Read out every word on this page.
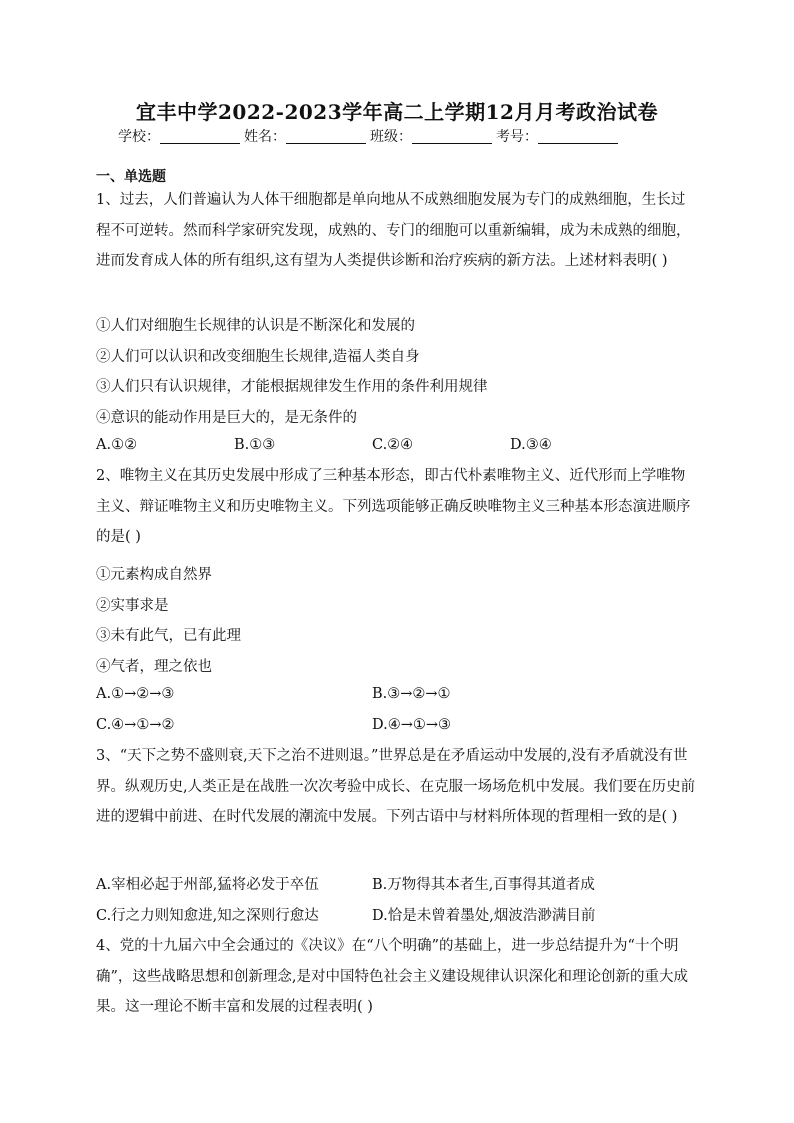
宜丰中学2022-2023学年高二上学期12月月考政治试卷
学校：	姓名：	班级：	考号：
一、单选题
1、过去，人们普遍认为人体干细胞都是单向地从不成熟细胞发展为专门的成熟细胞，生长过程不可逆转。然而科学家研究发现，成熟的、专门的细胞可以重新编辑，成为未成熟的细胞，进而发育成人体的所有组织,这有望为人类提供诊断和治疗疾病的新方法。上述材料表明( )
①人们对细胞生长规律的认识是不断深化和发展的
②人们可以认识和改变细胞生长规律,造福人类自身
③人们只有认识规律，才能根据规律发生作用的条件利用规律
④意识的能动作用是巨大的，是无条件的
A.①②	B.①③	C.②④	D.③④
2、唯物主义在其历史发展中形成了三种基本形态，即古代朴素唯物主义、近代形而上学唯物主义、辩证唯物主义和历史唯物主义。下列选项能够正确反映唯物主义三种基本形态演进顺序的是( )
①元素构成自然界
②实事求是
③未有此气，已有此理
④气者，理之依也
A.①→②→③	B.③→②→①
C.④→①→②	D.④→①→③
3、“天下之势不盛则衰,天下之治不进则退。”世界总是在矛盾运动中发展的,没有矛盾就没有世界。纵观历史,人类正是在战胜一次次考验中成长、在克服一场场危机中发展。我们要在历史前进的逻辑中前进、在时代发展的潮流中发展。下列古语中与材料所体现的哲理相一致的是( )
A.宰相必起于州部,猛将必发于卒伍	B.万物得其本者生,百事得其道者成
C.行之力则知愈进,知之深则行愈达	D.恰是未曾着墨处,烟波浩渺满目前
4、党的十九届六中全会通过的《决议》在“八个明确”的基础上，进一步总结提升为“十个明确”，这些战略思想和创新理念,是对中国特色社会主义建设规律认识深化和理论创新的重大成果。这一理论不断丰富和发展的过程表明( )
